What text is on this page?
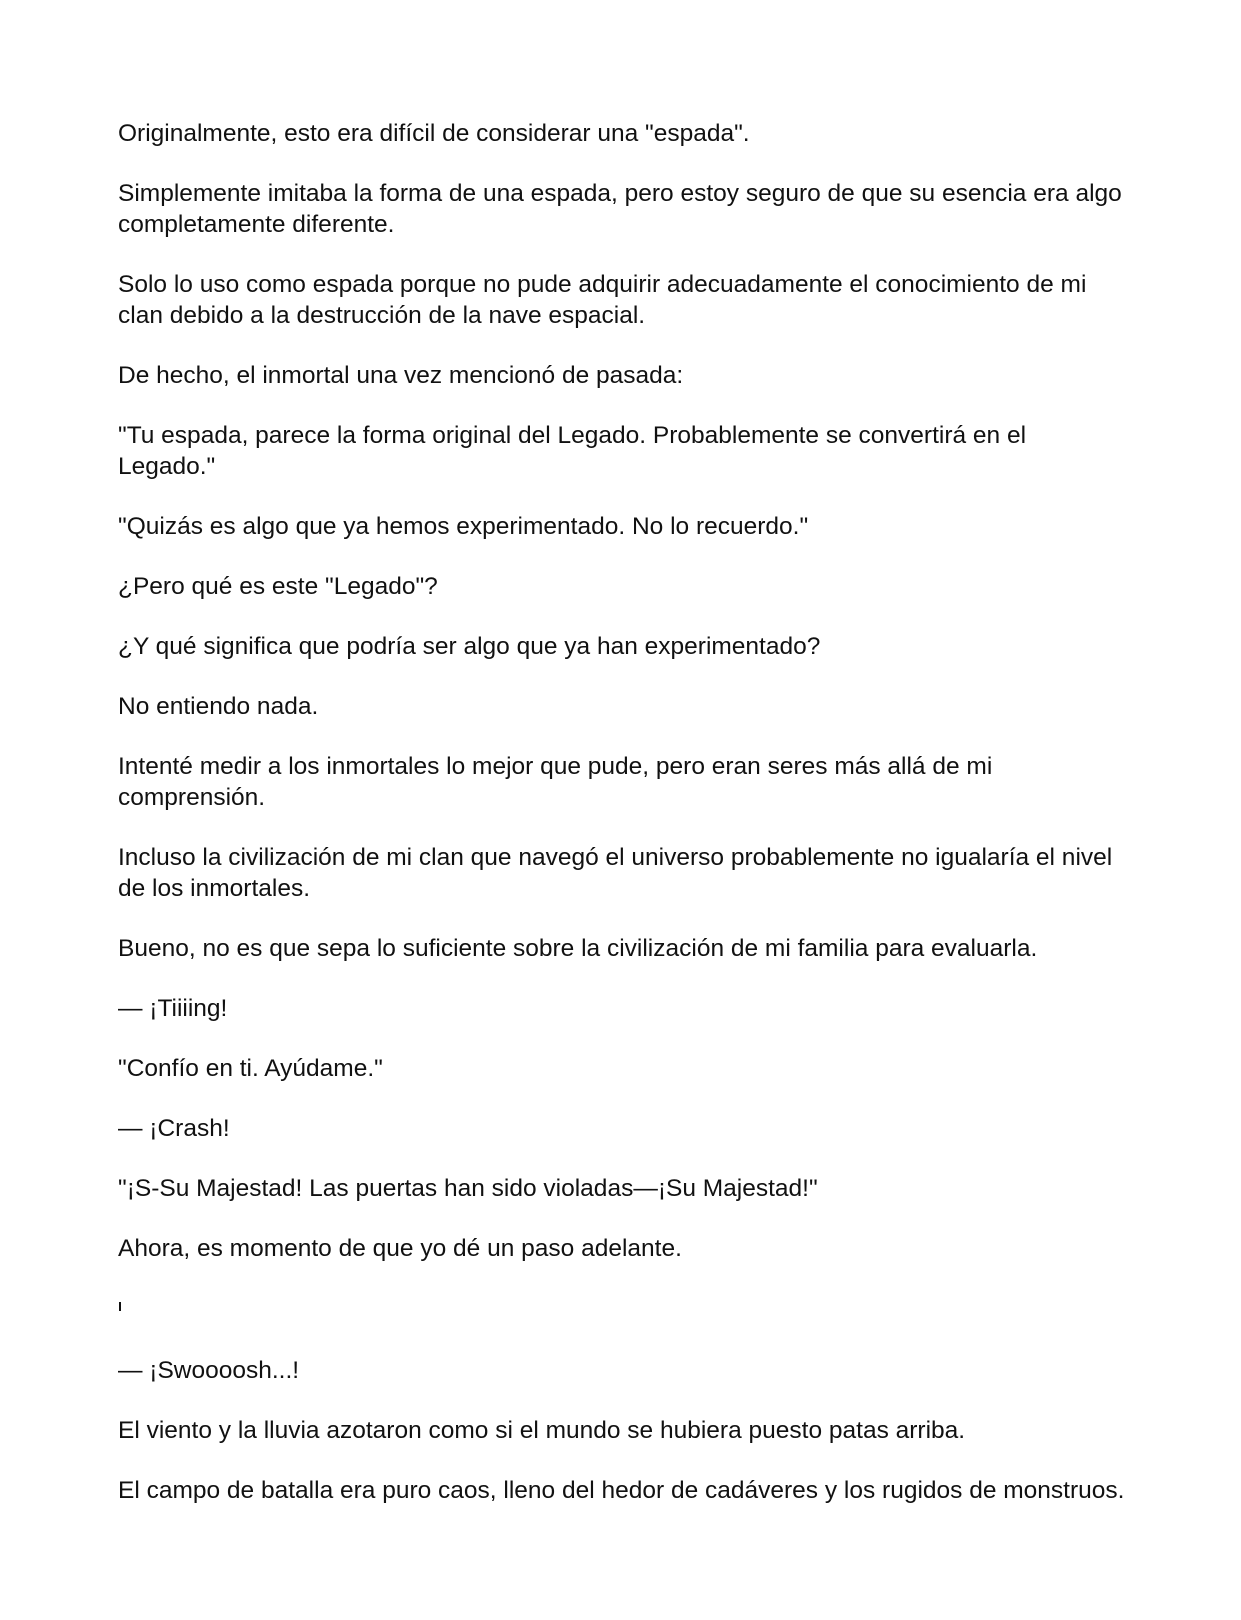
Originalmente, esto era difícil de considerar una "espada".

Simplemente imitaba la forma de una espada, pero estoy seguro de que su esencia era algo completamente diferente.

Solo lo uso como espada porque no pude adquirir adecuadamente el conocimiento de mi clan debido a la destrucción de la nave espacial.

De hecho, el inmortal una vez mencionó de pasada:

"Tu espada, parece la forma original del Legado. Probablemente se convertirá en el Legado."

"Quizás es algo que ya hemos experimentado. No lo recuerdo."

¿Pero qué es este "Legado"?

¿Y qué significa que podría ser algo que ya han experimentado?

No entiendo nada.

Intenté medir a los inmortales lo mejor que pude, pero eran seres más allá de mi comprensión.

Incluso la civilización de mi clan que navegó el universo probablemente no igualaría el nivel de los inmortales.

Bueno, no es que sepa lo suficiente sobre la civilización de mi familia para evaluarla.

— ¡Tiiiing!

"Confío en ti. Ayúdame."

— ¡Crash!

"¡S-Su Majestad! Las puertas han sido violadas—¡Su Majestad!"

Ahora, es momento de que yo dé un paso adelante.

— ¡Swoooosh...!

El viento y la lluvia azotaron como si el mundo se hubiera puesto patas arriba.

El campo de batalla era puro caos, lleno del hedor de cadáveres y los rugidos de monstruos.
